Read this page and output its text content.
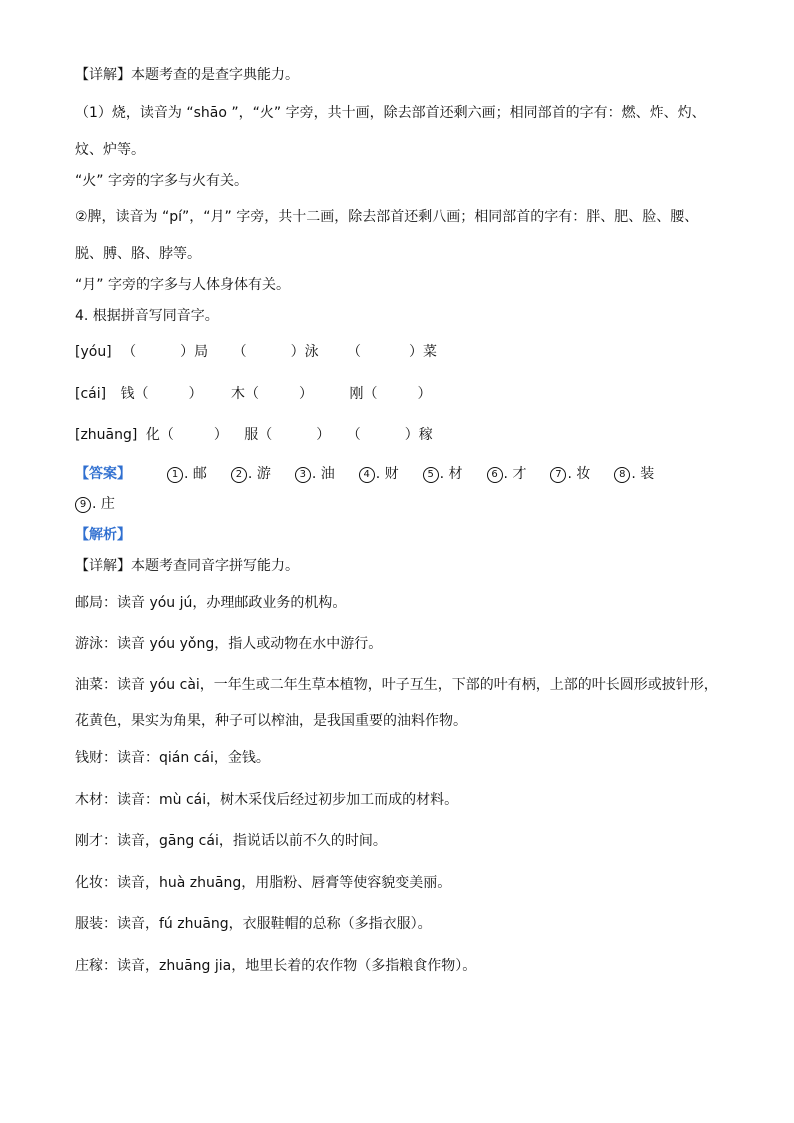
【详解】本题考查的是查字典能力。
（1）烧，读音为 “shāo ”，“火” 字旁，共十画，除去部首还剩六画；相同部首的字有：燃、炸、灼、
炆、炉等。
“火” 字旁的字多与火有关。
②脾，读音为 “pí”，“月” 字旁，共十二画，除去部首还剩八画；相同部首的字有：胖、肥、脸、腰、
脱、膊、胳、脖等。
“月” 字旁的字多与人体身体有关。
4. 根据拼音写同音字。
[yóu] （	）局 （	）泳 （	）菜
[cái] 钱（	） 木（	）	刚（	）
[zhuāng] 化（	） 服（	） （	）稼
【答案】	1 . 邮	2 . 游	3 . 油	4 . 财	5 . 材	6 . 才	7 . 妆	8 . 装
9 . 庄
【解析】
【详解】本题考查同音字拼写能力。
邮局：读音 yóu jú，办理邮政业务的机构。
游泳：读音 yóu yǒng，指人或动物在水中游行。
油菜：读音 yóu cài，一年生或二年生草本植物，叶子互生，下部的叶有柄，上部的叶长圆形或披针形，
花黄色，果实为角果，种子可以榨油，是我国重要的油料作物。
钱财：读音：qián cái，金钱。
木材：读音：mù cái，树木采伐后经过初步加工而成的材料。
刚才：读音，gāng cái，指说话以前不久的时间。
化妆：读音，huà zhuāng，用脂粉、唇膏等使容貌变美丽。
服装：读音，fú zhuāng，衣服鞋帽的总称（多指衣服）。
庄稼：读音，zhuāng jia，地里长着的农作物（多指粮食作物）。
